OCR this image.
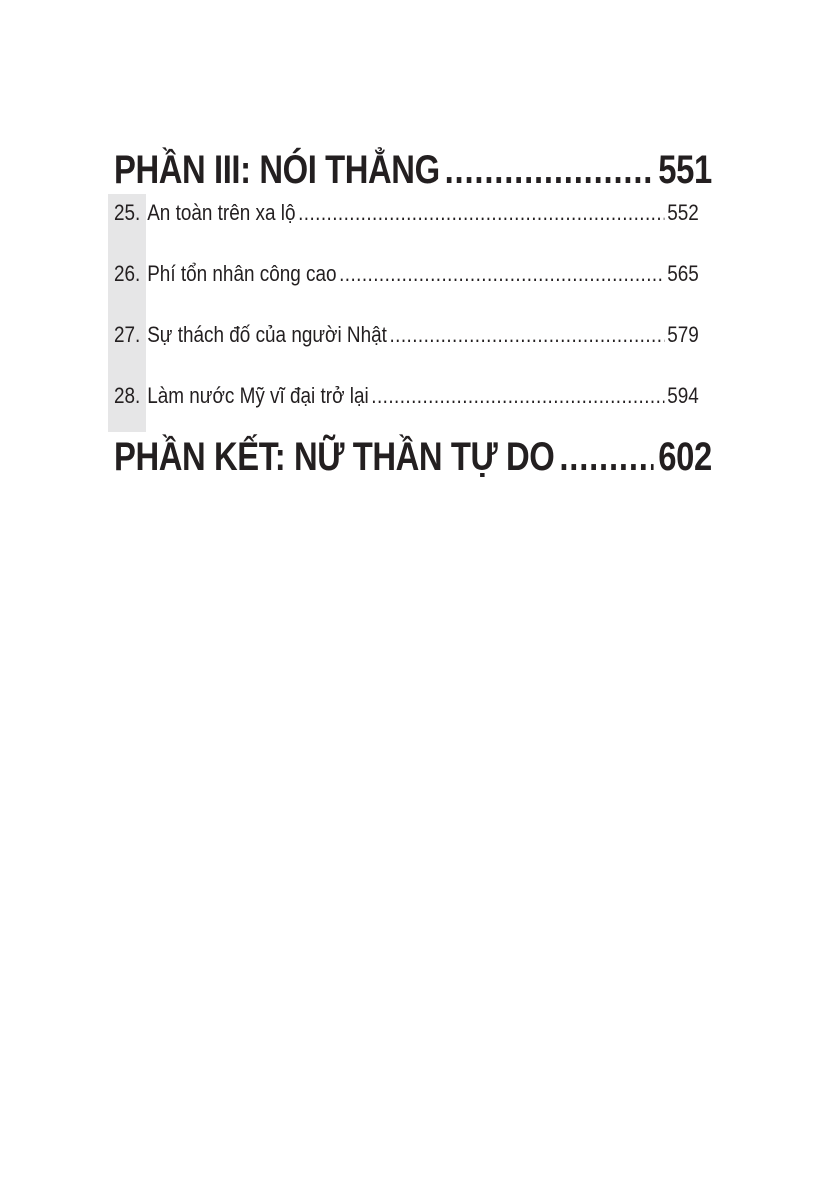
PHẦN III: NÓI THẲNG .....	551
25. An toàn trên xa lộ .....	552
26. Phí tổn nhân công cao .....	565
27. Sự thách đố của người Nhật .....	579
28. Làm nước Mỹ vĩ đại trở lại .....	594
PHẦN KẾT: NỮ THẦN TỰ DO .....	602
